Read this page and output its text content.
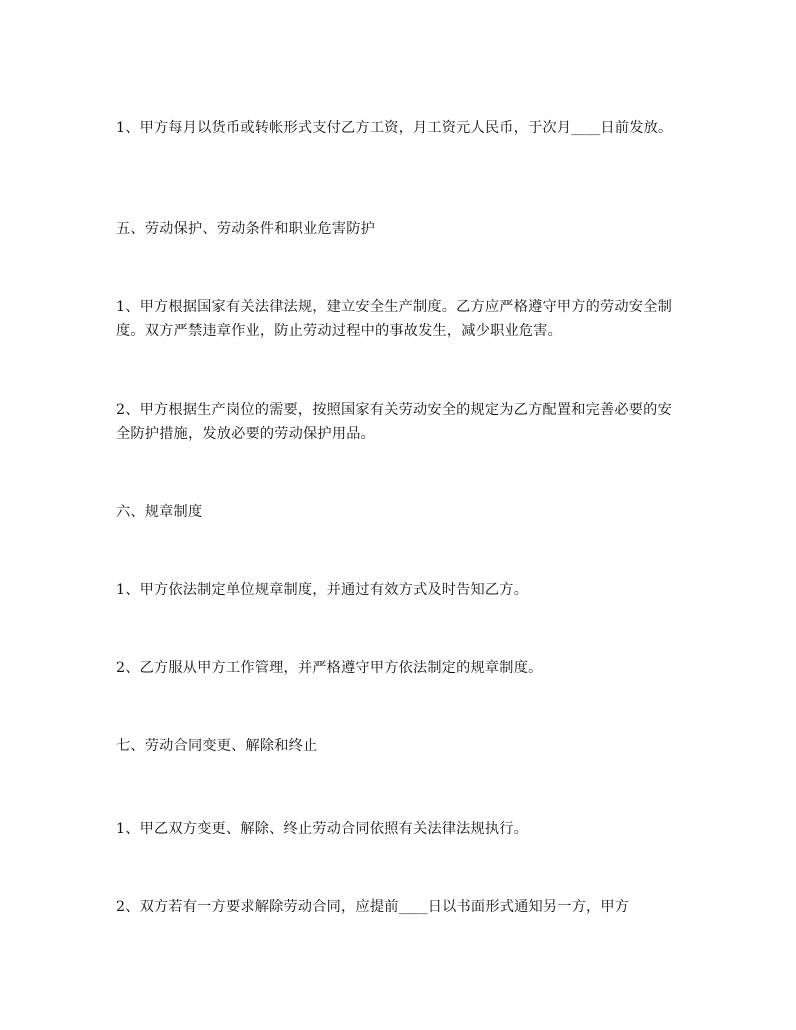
1、甲方每月以货币或转帐形式支付乙方工资，月工资元人民币，于次月____日前发放。

五、劳动保护、劳动条件和职业危害防护

1、甲方根据国家有关法律法规，建立安全生产制度。乙方应严格遵守甲方的劳动安全制度。双方严禁违章作业，防止劳动过程中的事故发生，减少职业危害。

2、甲方根据生产岗位的需要，按照国家有关劳动安全的规定为乙方配置和完善必要的安全防护措施，发放必要的劳动保护用品。

六、规章制度

1、甲方依法制定单位规章制度，并通过有效方式及时告知乙方。

2、乙方服从甲方工作管理，并严格遵守甲方依法制定的规章制度。

七、劳动合同变更、解除和终止

1、甲乙双方变更、解除、终止劳动合同依照有关法律法规执行。

2、双方若有一方要求解除劳动合同，应提前____日以书面形式通知另一方，甲方
